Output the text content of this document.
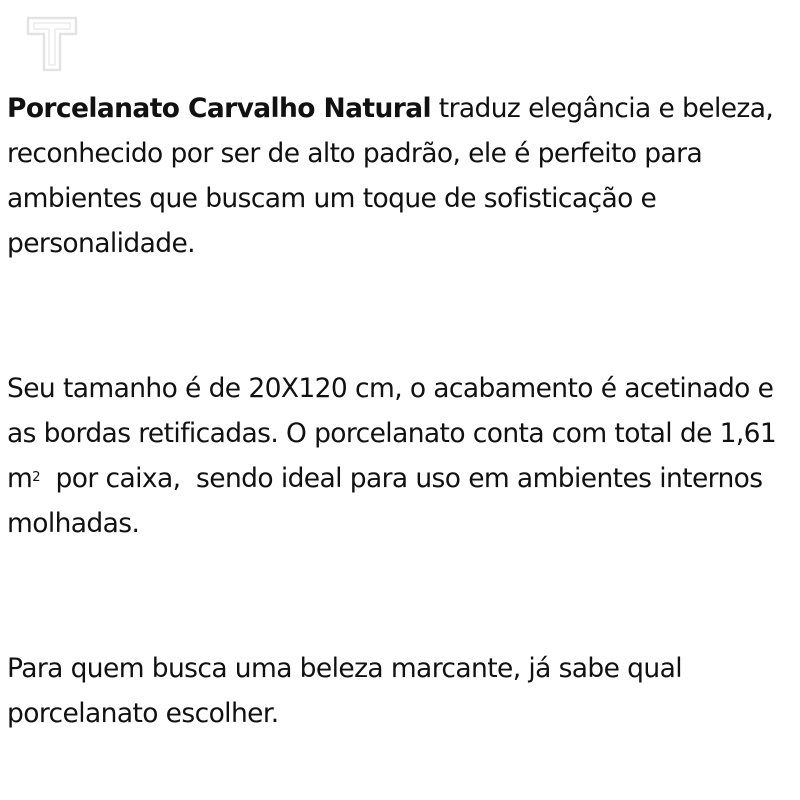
Porcelanato Carvalho Natural traduz elegância e beleza, reconhecido por ser de alto padrão, ele é perfeito para ambientes que buscam um toque de sofisticação e personalidade.

Seu tamanho é de 20X120 cm, o acabamento é acetinado e as bordas retificadas. O porcelanato conta com total de 1,61 $m^2$  por caixa,  sendo ideal para uso em ambientes internos molhadas.

Para quem busca uma beleza marcante, já sabe qual porcelanato escolher.
